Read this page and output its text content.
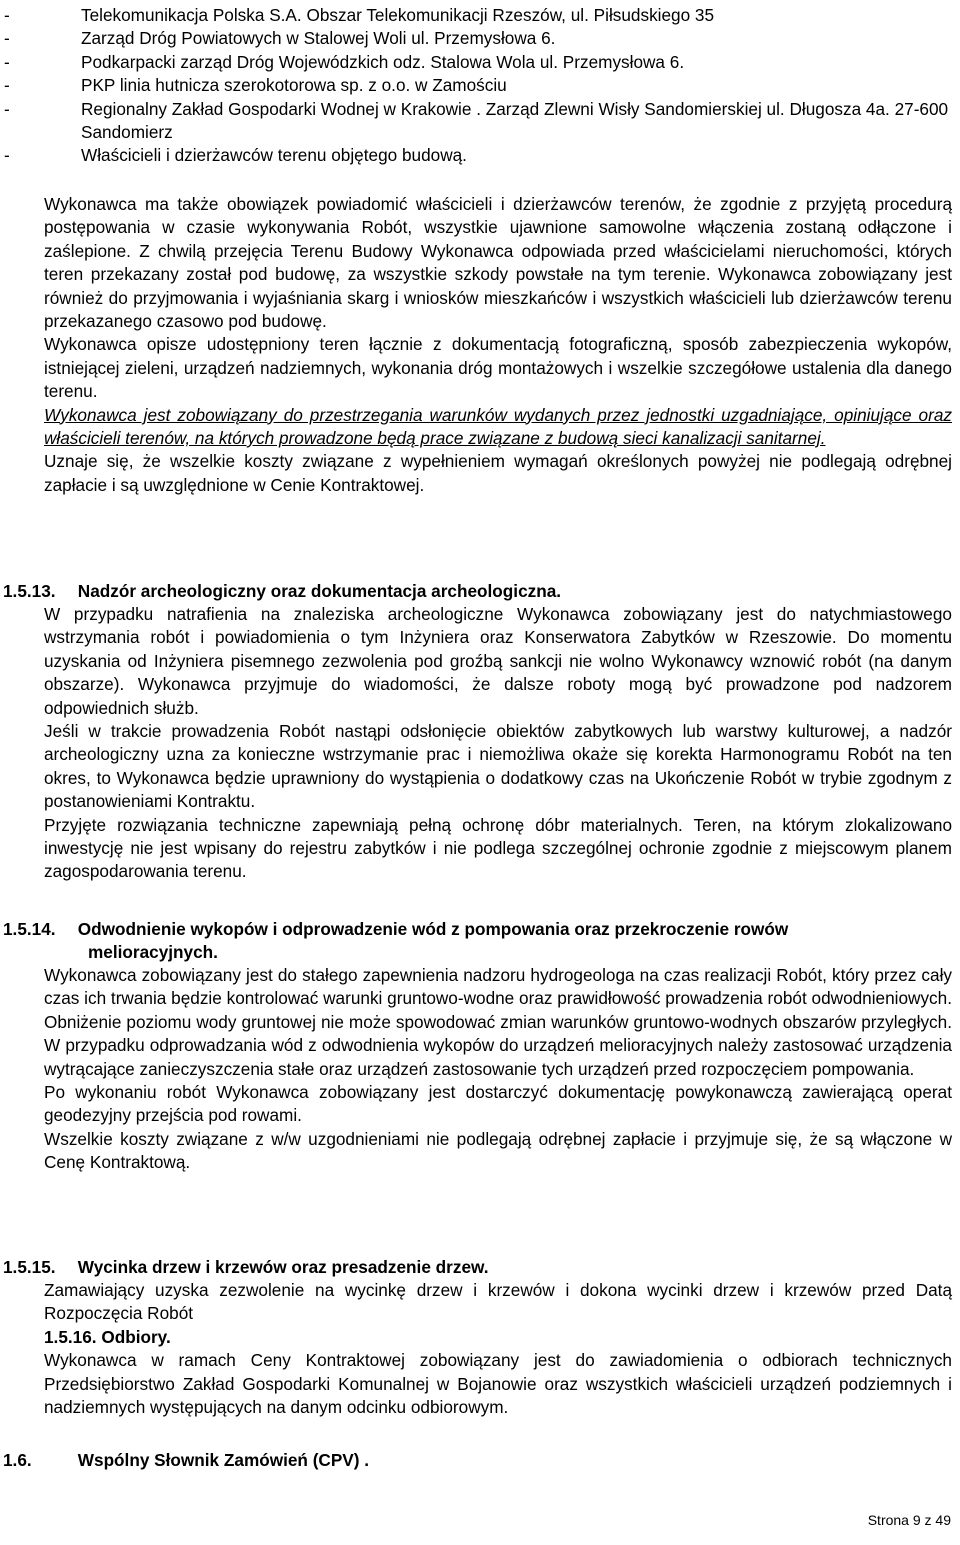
- Telekomunikacja Polska S.A. Obszar Telekomunikacji Rzeszów, ul. Piłsudskiego 35
- Zarząd Dróg Powiatowych w Stalowej Woli ul. Przemysłowa 6.
- Podkarpacki zarząd Dróg Wojewódzkich odz. Stalowa Wola ul. Przemysłowa 6.
- PKP linia hutnicza szerokotorowa sp. z o.o. w Zamościu
- Regionalny Zakład Gospodarki Wodnej w Krakowie . Zarząd Zlewni Wisły Sandomierskiej ul. Długosza 4a. 27-600 Sandomierz
- Właścicieli i dzierżawców terenu objętego budową.

Wykonawca ma także obowiązek powiadomić właścicieli i dzierżawców terenów, że zgodnie z przyjętą procedurą postępowania w czasie wykonywania Robót, wszystkie ujawnione samowolne włączenia zostaną odłączone i zaślepione. Z chwilą przejęcia Terenu Budowy Wykonawca odpowiada przed właścicielami nieruchomości, których teren przekazany został pod budowę, za wszystkie szkody powstałe na tym terenie. Wykonawca zobowiązany jest również do przyjmowania i wyjaśniania skarg i wniosków mieszkańców i wszystkich właścicieli lub dzierżawców terenu przekazanego czasowo pod budowę.

Wykonawca opisze udostępniony teren łącznie z dokumentacją fotograficzną, sposób zabezpieczenia wykopów, istniejącej zieleni, urządzeń nadziemnych, wykonania dróg montażowych i wszelkie szczegółowe ustalenia dla danego terenu.

Wykonawca jest zobowiązany do przestrzegania warunków wydanych przez jednostki uzgadniające, opiniujące oraz właścicieli terenów, na których prowadzone będą prace związane z budową sieci kanalizacji sanitarnej.

Uznaje się, że wszelkie koszty związane z wypełnieniem wymagań określonych powyżej nie podlegają odrębnej zapłacie i są uwzględnione w Cenie Kontraktowej.

1.5.13. Nadzór archeologiczny oraz dokumentacja archeologiczna.

W przypadku natrafienia na znaleziska archeologiczne Wykonawca zobowiązany jest do natychmiastowego wstrzymania robót i powiadomienia o tym Inżyniera oraz Konserwatora Zabytków w Rzeszowie. Do momentu uzyskania od Inżyniera pisemnego zezwolenia pod groźbą sankcji nie wolno Wykonawcy wznowić robót (na danym obszarze). Wykonawca przyjmuje do wiadomości, że dalsze roboty mogą być prowadzone pod nadzorem odpowiednich służb.

Jeśli w trakcie prowadzenia Robót nastąpi odsłonięcie obiektów zabytkowych lub warstwy kulturowej, a nadzór archeologiczny uzna za konieczne wstrzymanie prac i niemożliwa okaże się korekta Harmonogramu Robót na ten okres, to Wykonawca będzie uprawniony do wystąpienia o dodatkowy czas na Ukończenie Robót w trybie zgodnym z postanowieniami Kontraktu.

Przyjęte rozwiązania techniczne zapewniają pełną ochronę dóbr materialnych. Teren, na którym zlokalizowano inwestycję nie jest wpisany do rejestru zabytków i nie podlega szczególnej ochronie zgodnie z miejscowym planem zagospodarowania terenu.

1.5.14. Odwodnienie wykopów i odprowadzenie wód z pompowania oraz przekroczenie rowów
melioracyjnych.

Wykonawca zobowiązany jest do stałego zapewnienia nadzoru hydrogeologa na czas realizacji Robót, który przez cały czas ich trwania będzie kontrolować warunki gruntowo-wodne oraz prawidłowość prowadzenia robót odwodnieniowych. Obniżenie poziomu wody gruntowej nie może spowodować zmian warunków gruntowo-wodnych obszarów przyległych. W przypadku odprowadzania wód z odwodnienia wykopów do urządzeń melioracyjnych należy zastosować urządzenia wytrącające zanieczyszczenia stałe oraz urządzeń zastosowanie tych urządzeń przed rozpoczęciem pompowania.

Po wykonaniu robót Wykonawca zobowiązany jest dostarczyć dokumentację powykonawczą zawierającą operat geodezyjny przejścia pod rowami.

Wszelkie koszty związane z w/w uzgodnieniami nie podlegają odrębnej zapłacie i przyjmuje się, że są włączone w Cenę Kontraktową.

1.5.15. Wycinka drzew i krzewów oraz presadzenie drzew.

Zamawiający uzyska zezwolenie na wycinkę drzew i krzewów i dokona wycinki drzew i krzewów przed Datą Rozpoczęcia Robót

1.5.16. Odbiory.

Wykonawca w ramach Ceny Kontraktowej zobowiązany jest do zawiadomienia o odbiorach technicznych Przedsiębiorstwo Zakład Gospodarki Komunalnej w Bojanowie oraz wszystkich właścicieli urządzeń podziemnych i nadziemnych występujących na danym odcinku odbiorowym.

1.6.	Wspólny Słownik Zamówień (CPV) .
Strona 9 z 49
